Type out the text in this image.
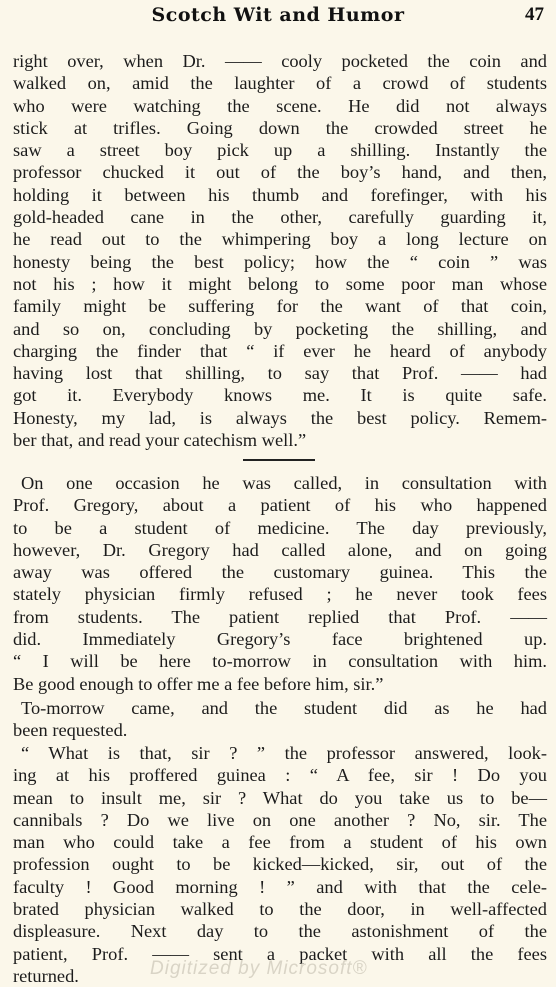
Scotch Wit and Humor	47
right over, when Dr. —— cooly pocketed the coin and
walked on, amid the laughter of a crowd of students
who were watching the scene. He did not always
stick at trifles. Going down the crowded street he
saw a street boy pick up a shilling. Instantly the
professor chucked it out of the boy’s hand, and then,
holding it between his thumb and forefinger, with his
gold-headed cane in the other, carefully guarding it,
he read out to the whimpering boy a long lecture on
honesty being the best policy; how the “ coin ” was
not his ; how it might belong to some poor man whose
family might be suffering for the want of that coin,
and so on, concluding by pocketing the shilling, and
charging the finder that “ if ever he heard of anybody
having lost that shilling, to say that Prof. —— had
got it. Everybody knows me. It is quite safe.
Honesty, my lad, is always the best policy. Remem-
ber that, and read your catechism well.”
On one occasion he was called, in consultation with
Prof. Gregory, about a patient of his who happened
to be a student of medicine. The day previously,
however, Dr. Gregory had called alone, and on going
away was offered the customary guinea. This the
stately physician firmly refused ; he never took fees
from students. The patient replied that Prof. ——
did. Immediately Gregory’s face brightened up.
“ I will be here to-morrow in consultation with him.
Be good enough to offer me a fee before him, sir.”
To-morrow came, and the student did as he had
been requested.
“ What is that, sir ? ” the professor answered, look-
ing at his proffered guinea : “ A fee, sir ! Do you
mean to insult me, sir ? What do you take us to be—
cannibals ? Do we live on one another ? No, sir. The
man who could take a fee from a student of his own
profession ought to be kicked—kicked, sir, out of the
faculty ! Good morning ! ” and with that the cele-
brated physician walked to the door, in well-affected
displeasure. Next day to the astonishment of the
patient, Prof. —— sent a packet with all the fees
returned.	Digitized by Microsoft®
